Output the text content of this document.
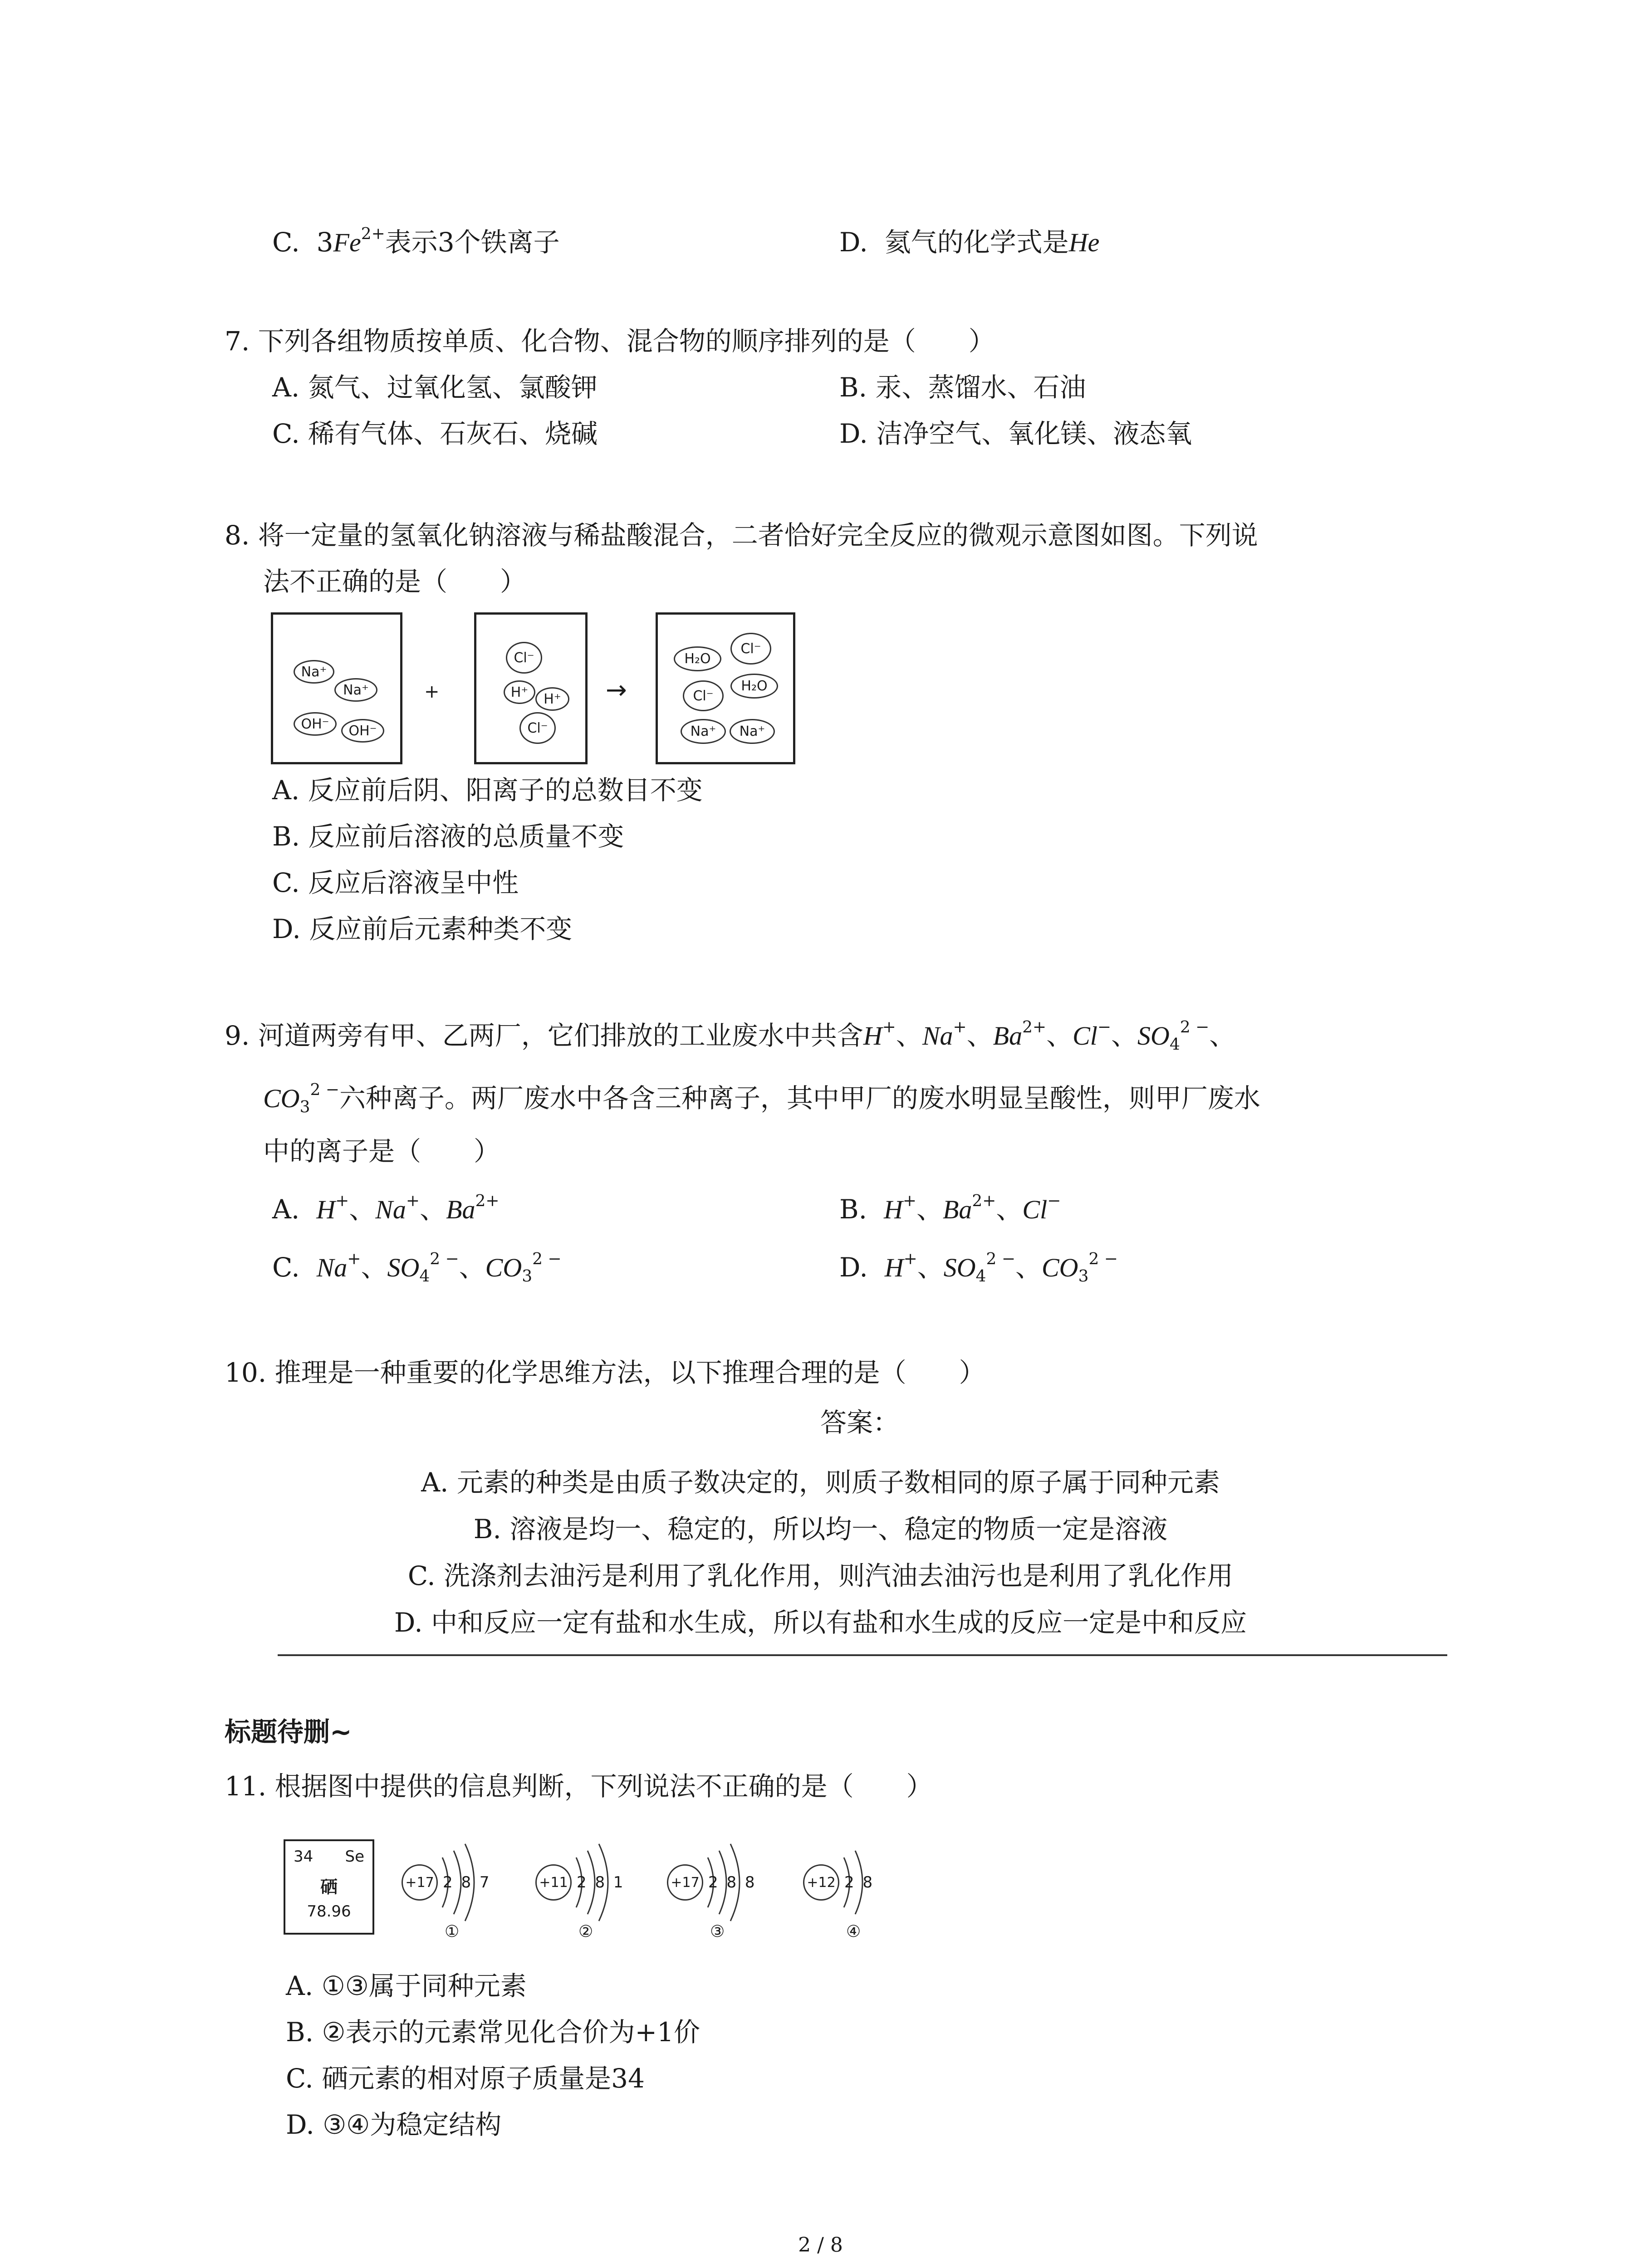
C. $3Fe^{2+}$表示3个铁离子	D. 氦气的化学式是He
7. 下列各组物质按单质、化合物、混合物的顺序排列的是（　　）
A. 氮气、过氧化氢、氯酸钾	B. 汞、蒸馏水、石油
C. 稀有气体、石灰石、烧碱	D. 洁净空气、氧化镁、液态氧
8. 将一定量的氢氧化钠溶液与稀盐酸混合，二者恰好完全反应的微观示意图如图。下列说
法不正确的是（　　）
Na⁺
Na⁺
OH⁻	OH⁻
+
Cl⁻
H⁺	H⁺
Cl⁻
→
H₂O
Cl⁻
Cl⁻
H₂O
Na⁺	Na⁺
A. 反应前后阴、阳离子的总数目不变
B. 反应前后溶液的总质量不变
C. 反应后溶液呈中性
D. 反应前后元素种类不变
9. 河道两旁有甲、乙两厂，它们排放的工业废水中共含H+、Na+、$Ba^{2+}$、Cl−、$SO_4^{2 -}$、
$CO_3^{2 -}$六种离子。两厂废水中各含三种离子，其中甲厂的废水明显呈酸性，则甲厂废水
中的离子是（　　）
A. H+、Na+、$Ba^{2+}$	B. H+、$Ba^{2+}$、Cl−
C. Na+、$SO_4^{2 -}$、$CO_3^{2 -}$	D. H+、$SO_4^{2 -}$、$CO_3^{2 -}$
10. 推理是一种重要的化学思维方法，以下推理合理的是（　　）
答案：
A. 元素的种类是由质子数决定的，则质子数相同的原子属于同种元素
B. 溶液是均一、稳定的，所以均一、稳定的物质一定是溶液
C. 洗涤剂去油污是利用了乳化作用，则汽油去油污也是利用了乳化作用
D. 中和反应一定有盐和水生成，所以有盐和水生成的反应一定是中和反应
标题待删~
11. 根据图中提供的信息判断，下列说法不正确的是（　　）
34 Se
硒
78.96
+17 2 8 7
①
+11 2 8 1
②
+17 2 8 8
③
+12 2 8
④
A. ①③属于同种元素
B. ②表示的元素常见化合价为+1价
C. 硒元素的相对原子质量是34
D. ③④为稳定结构
2 / 8
